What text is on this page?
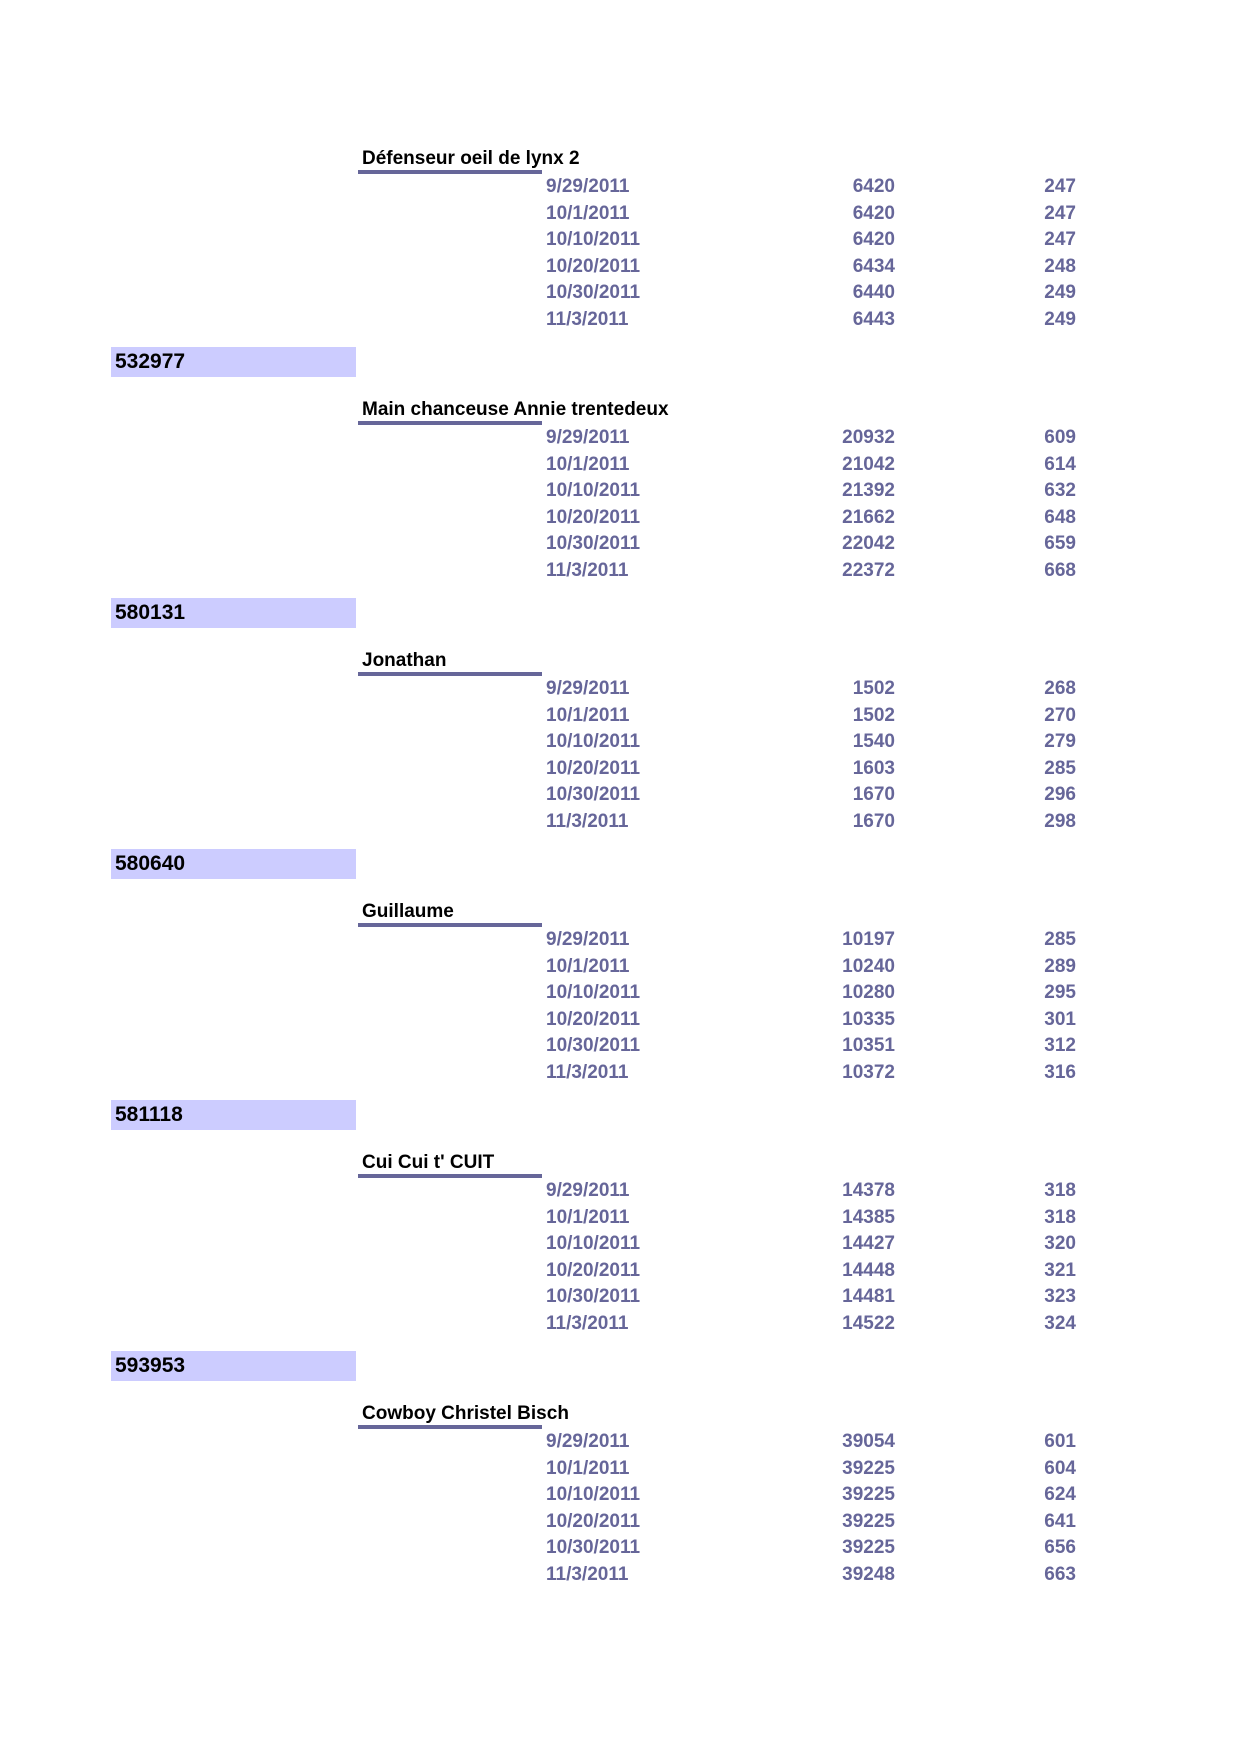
Défenseur oeil de lynx 2
9/29/2011	6420	247
10/1/2011	6420	247
10/10/2011	6420	247
10/20/2011	6434	248
10/30/2011	6440	249
11/3/2011	6443	249
532977
Main chanceuse Annie trentedeux
9/29/2011	20932	609
10/1/2011	21042	614
10/10/2011	21392	632
10/20/2011	21662	648
10/30/2011	22042	659
11/3/2011	22372	668
580131
Jonathan
9/29/2011	1502	268
10/1/2011	1502	270
10/10/2011	1540	279
10/20/2011	1603	285
10/30/2011	1670	296
11/3/2011	1670	298
580640
Guillaume
9/29/2011	10197	285
10/1/2011	10240	289
10/10/2011	10280	295
10/20/2011	10335	301
10/30/2011	10351	312
11/3/2011	10372	316
581118
Cui Cui t' CUIT
9/29/2011	14378	318
10/1/2011	14385	318
10/10/2011	14427	320
10/20/2011	14448	321
10/30/2011	14481	323
11/3/2011	14522	324
593953
Cowboy Christel Bisch
9/29/2011	39054	601
10/1/2011	39225	604
10/10/2011	39225	624
10/20/2011	39225	641
10/30/2011	39225	656
11/3/2011	39248	663
